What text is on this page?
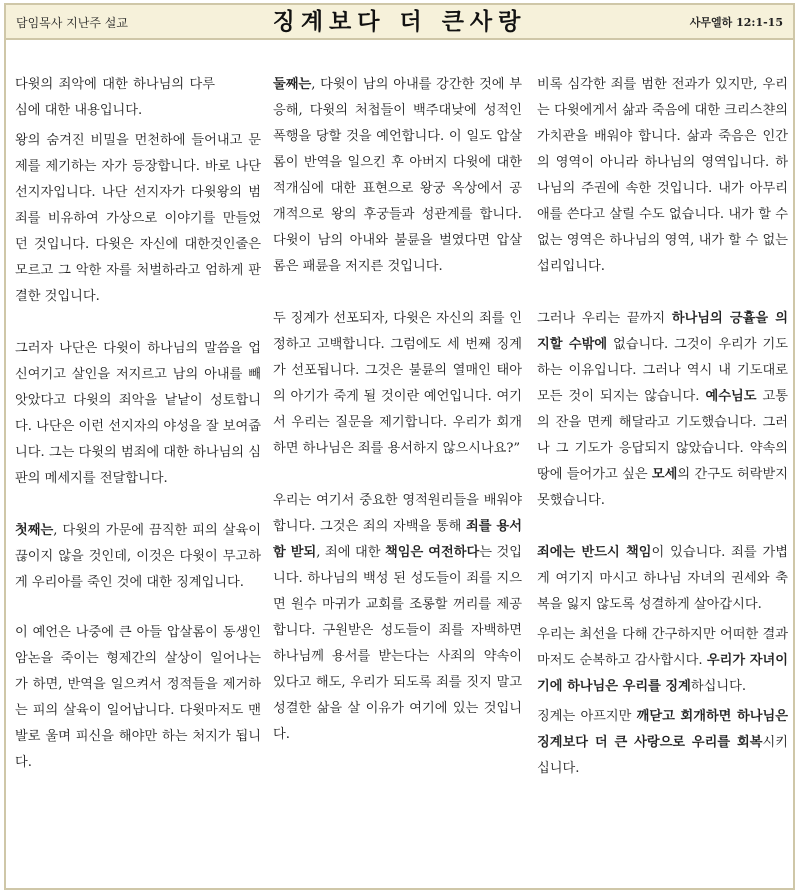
담임목사 지난주 설교	징계보다 더 큰사랑	사무엘하 12:1-15

다윗의 죄악에 대한 하나님의 다루심에 대한 내용입니다.

왕의 숨겨진 비밀을 먼천하에 들어내고 문제를 제기하는 자가 등장합니다. 바로 나단 선지자입니다. 나단 선지자가 다윗왕의 범죄를 비유하여 가상으로 이야기를 만들었던 것입니다. 다윗은 자신에 대한것인줄은 모르고 그 악한 자를 처벌하라고 엄하게 판결한 것입니다.

그러자 나단은 다윗이 하나님의 말씀을 업신여기고 살인을 저지르고 남의 아내를 빼앗았다고 다윗의 죄악을 낱낱이 성토합니다. 나단은 이런 선지자의 야성을 잘 보여줍니다. 그는 다윗의 범죄에 대한 하나님의 심판의 메세지를 전달합니다.

첫째는, 다윗의 가문에 끔직한 피의 살육이 끊이지 않을 것인데, 이것은 다윗이 무고하게 우리아를 죽인 것에 대한 징계입니다.

이 예언은 나중에 큰 아들 압살롬이 동생인 암논을 죽이는 형제간의 살상이 일어나는 가 하면, 반역을 일으켜서 정적들을 제거하는 피의 살육이 일어납니다. 다윗마저도 맨발로 울며 피신을 해야만 하는 처지가 됩니다.

둘째는, 다윗이 남의 아내를 강간한 것에 부응해, 다윗의 처첩들이 백주대낮에 성적인 폭행을 당할 것을 예언합니다. 이 일도 압살롬이 반역을 일으킨 후 아버지 다윗에 대한 적개심에 대한 표현으로 왕궁 옥상에서 공개적으로 왕의 후궁들과 성관계를 합니다. 다윗이 남의 아내와 불륜을 벌였다면 압살롬은 패륜을 저지른 것입니다.

두 징계가 선포되자, 다윗은 자신의 죄를 인정하고 고백합니다. 그럼에도 세 번째 징계가 선포됩니다. 그것은 불륜의 열매인 태아의 아기가 죽게 될 것이란 예언입니다. 여기서 우리는 질문을 제기합니다. 우리가 회개하면 하나님은 죄를 용서하지 않으시나요?”

우리는 여기서 중요한 영적원리들을 배워야 합니다. 그것은 죄의 자백을 통해 죄를 용서함 받되, 죄에 대한 책임은 여전하다는 것입니다. 하나님의 백성 된 성도들이 죄를 지으면 원수 마귀가 교회를 조롱할 꺼리를 제공합니다. 구원받은 성도들이 죄를 자백하면 하나님께 용서를 받는다는 사죄의 약속이 있다고 해도, 우리가 되도록 죄를 짓지 말고 성결한 삶을 살 이유가 여기에 있는 것입니다.

비록 심각한 죄를 범한 전과가 있지만, 우리는 다윗에게서 삶과 죽음에 대한 크리스챤의 가치관을 배워야 합니다. 삶과 죽음은 인간의 영역이 아니라 하나님의 영역입니다. 하나님의 주권에 속한 것입니다. 내가 아무리 애를 쓴다고 살릴 수도 없습니다. 내가 할 수 없는 영역은 하나님의 영역, 내가 할 수 없는 섭리입니다.

그러나 우리는 끝까지 하나님의 긍휼을 의지할 수밖에 없습니다. 그것이 우리가 기도하는 이유입니다. 그러나 역시 내 기도대로 모든 것이 되지는 않습니다. 예수님도 고통의 잔을 면케 해달라고 기도했습니다. 그러나 그 기도가 응답되지 않았습니다. 약속의 땅에 들어가고 싶은 모세의 간구도 허락받지 못했습니다.

죄에는 반드시 책임이 있습니다. 죄를 가볍게 여기지 마시고 하나님 자녀의 권세와 축복을 잃지 않도록 성결하게 살아갑시다.

우리는 최선을 다해 간구하지만 어떠한 결과마저도 순복하고 감사합시다. 우리가 자녀이기에 하나님은 우리를 징계하십니다.

징계는 아프지만 깨닫고 회개하면 하나님은 징계보다 더 큰 사랑으로 우리를 회복시키십니다.
